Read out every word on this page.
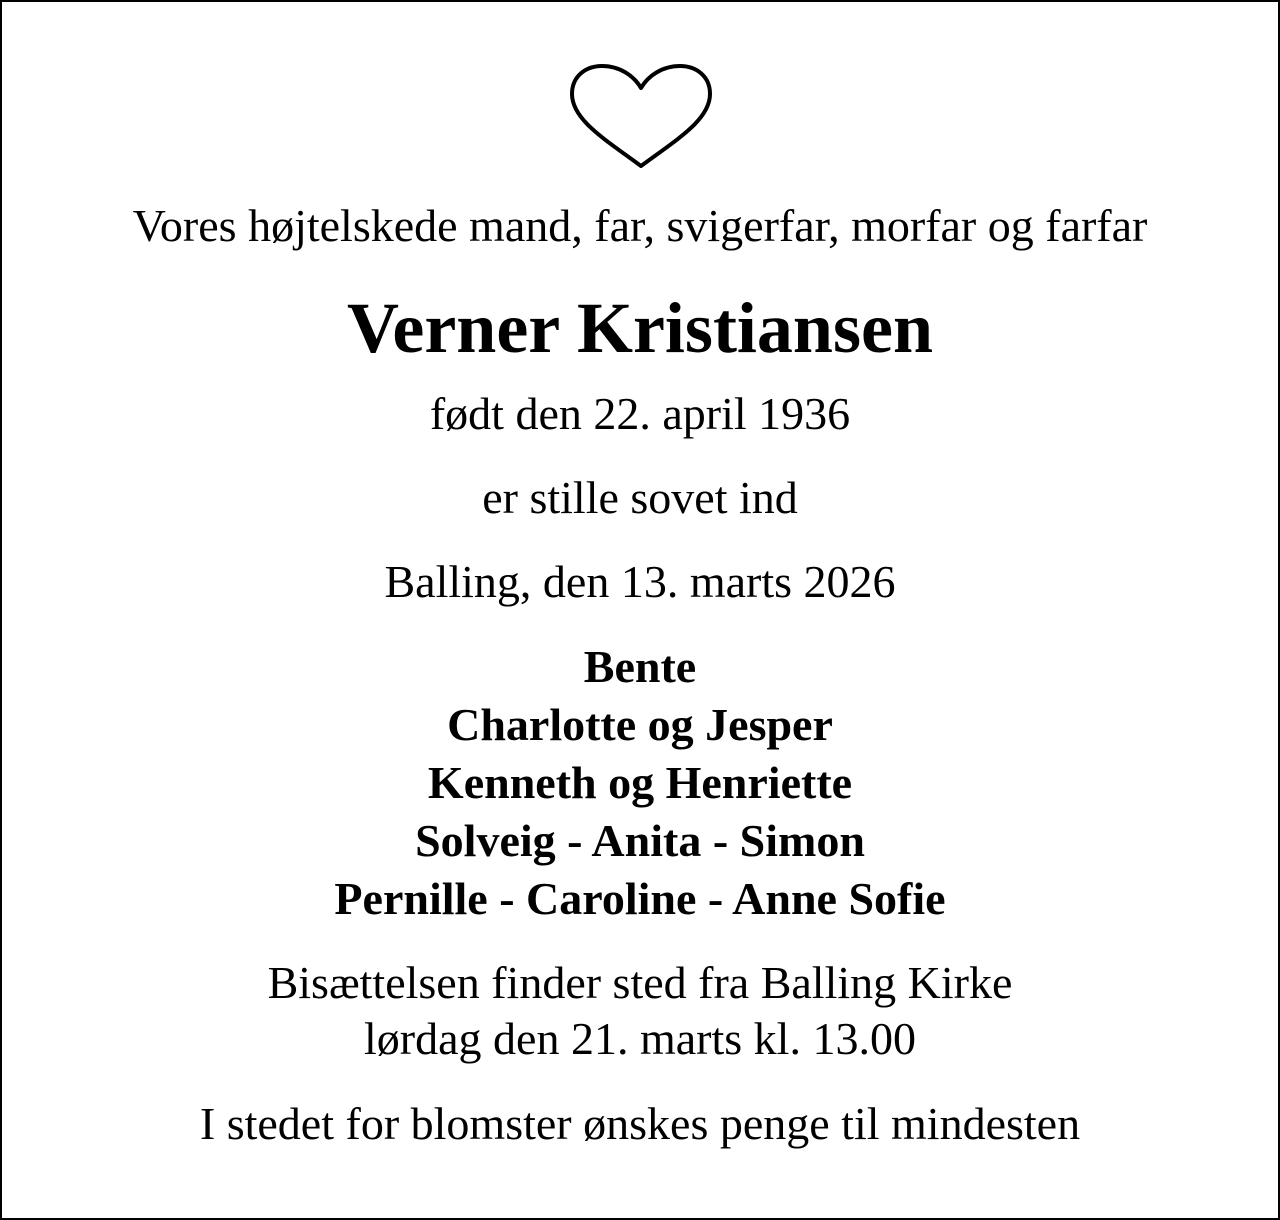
Vores højtelskede mand, far, svigerfar, morfar og farfar
Verner Kristiansen
født den 22. april 1936
er stille sovet ind
Balling, den 13. marts 2026
Bente
Charlotte og Jesper
Kenneth og Henriette
Solveig - Anita - Simon
Pernille - Caroline - Anne Sofie
Bisættelsen finder sted fra Balling Kirke
lørdag den 21. marts kl. 13.00
I stedet for blomster ønskes penge til mindesten
